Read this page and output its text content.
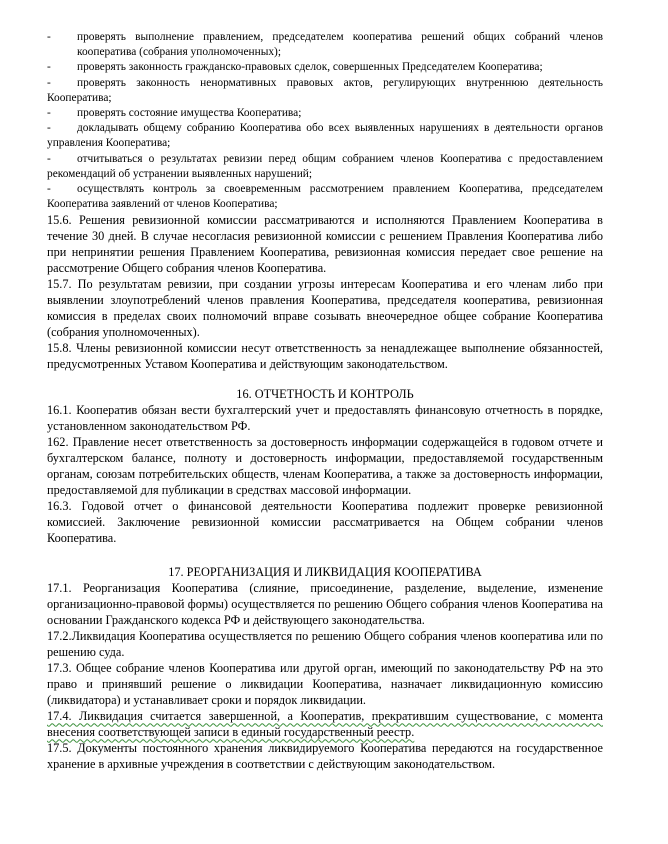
-	проверять выполнение правлением, председателем кооператива решений общих собраний членов кооператива (собрания уполномоченных);
-	проверять законность гражданско-правовых сделок, совершенных Председателем Кооператива;
- проверять законность ненормативных правовых актов, регулирующих внутреннюю деятельность Кооператива;
-	проверять состояние имущества Кооператива;
- докладывать общему собранию Кооператива обо всех выявленных нарушениях в деятельности органов управления Кооператива;
- отчитываться о результатах ревизии перед общим собранием членов Кооператива с предоставлением рекомендаций об устранении выявленных нарушений;
- осуществлять контроль за своевременным рассмотрением правлением Кооператива, председателем Кооператива заявлений от членов Кооператива;

15.6. Решения ревизионной комиссии рассматриваются и исполняются Правлением Кооператива в течение 30 дней. В случае несогласия ревизионной комиссии с решением Правления Кооператива либо при непринятии решения Правлением Кооператива, ревизионная комиссия передает свое решение на рассмотрение Общего собрания членов Кооператива.

15.7. По результатам ревизии, при создании угрозы интересам Кооператива и его членам либо при выявлении злоупотреблений членов правления Кооператива, председателя кооператива, ревизионная комиссия в пределах своих полномочий вправе созывать внеочередное общее собрание Кооператива (собрания уполномоченных).

15.8. Члены ревизионной комиссии несут ответственность за ненадлежащее выполнение обязанностей, предусмотренных Уставом Кооператива и действующим законодательством.

16. ОТЧЕТНОСТЬ И КОНТРОЛЬ

16.1. Кооператив обязан вести бухгалтерский учет и предоставлять финансовую отчетность в порядке, установленном законодательством РФ.

162. Правление несет ответственность за достоверность информации содержащейся в годовом отчете и бухгалтерском балансе, полноту и достоверность информации, предоставляемой государственным органам, союзам потребительских обществ, членам Кооператива, а также за достоверность информации, предоставляемой для публикации в средствах массовой информации.

16.3. Годовой отчет о финансовой деятельности Кооператива подлежит проверке ревизионной комиссией. Заключение ревизионной комиссии рассматривается на Общем собрании членов Кооператива.

17. РЕОРГАНИЗАЦИЯ И ЛИКВИДАЦИЯ КООПЕРАТИВА

17.1. Реорганизация Кооператива (слияние, присоединение, разделение, выделение, изменение организационно-правовой формы) осуществляется по решению Общего собрания членов Кооператива на основании Гражданского кодекса РФ и действующего законодательства.

17.2.Ликвидация Кооператива осуществляется по решению Общего собрания членов кооператива или по решению суда.

17.3. Общее собрание членов Кооператива или другой орган, имеющий по законодательству РФ на это право и принявший решение о ликвидации Кооператива, назначает ликвидационную комиссию (ликвидатора) и устанавливает сроки и порядок ликвидации.

17.4. Ликвидация считается завершенной, а Кооператив, прекратившим существование, с момента внесения соответствующей записи в единый государственный реестр.

17.5. Документы постоянного хранения ликвидируемого Кооператива передаются на государственное хранение в архивные учреждения в соответствии с действующим законодательством.
